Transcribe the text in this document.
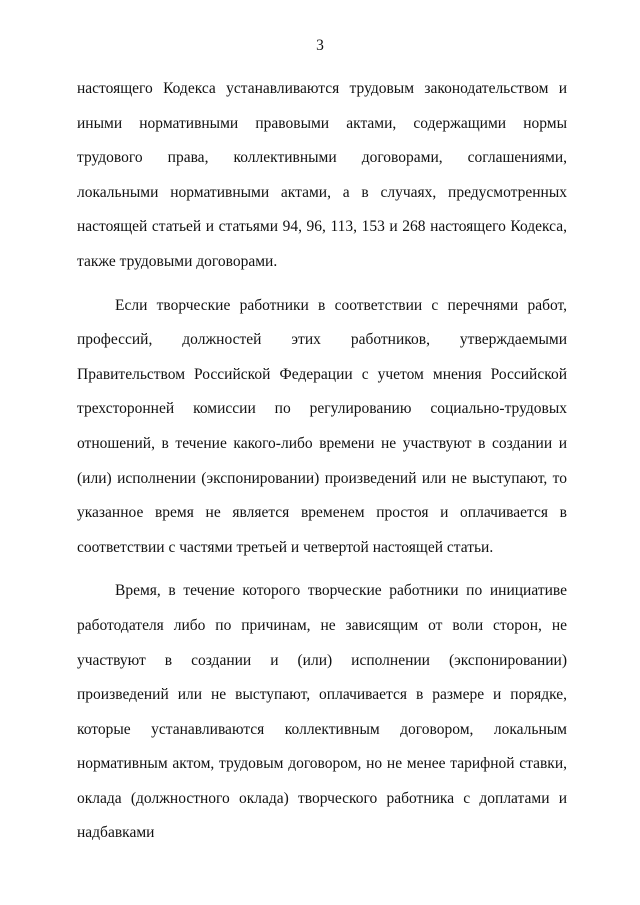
3

настоящего Кодекса устанавливаются трудовым законодательством и иными нормативными правовыми актами, содержащими нормы трудового права, коллективными договорами, соглашениями, локальными нормативными актами, а в случаях, предусмотренных настоящей статьей и статьями 94, 96, 113, 153 и 268 настоящего Кодекса, также трудовыми договорами.

Если творческие работники в соответствии с перечнями работ, профессий, должностей этих работников, утверждаемыми Правительством Российской Федерации с учетом мнения Российской трехсторонней комиссии по регулированию социально-трудовых отношений, в течение какого-либо времени не участвуют в создании и (или) исполнении (экспонировании) произведений или не выступают, то указанное время не является временем простоя и оплачивается в соответствии с частями третьей и четвертой настоящей статьи.

Время, в течение которого творческие работники по инициативе работодателя либо по причинам, не зависящим от воли сторон, не участвуют в создании и (или) исполнении (экспонировании) произведений или не выступают, оплачивается в размере и порядке, которые устанавливаются коллективным договором, локальным нормативным актом, трудовым договором, но не менее тарифной ставки, оклада (должностного оклада) творческого работника с доплатами и надбавками
